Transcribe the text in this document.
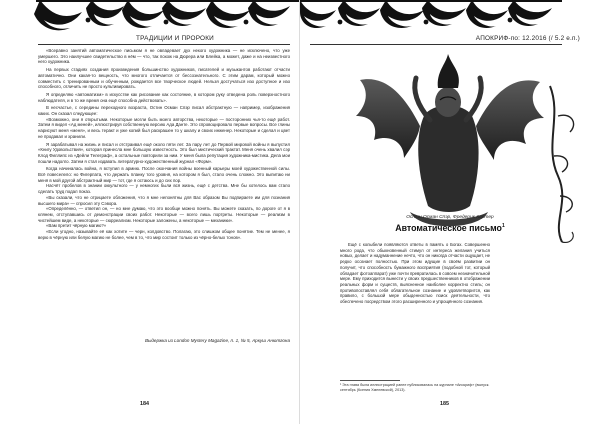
ТРАДИЦИИ И ПРОРОКИ

«Всеравно занятий автоматическое письмом я не овладевает дух некого художника — не исключено, что уже умершего. Это наилучшее свидетельство в нём — что, так похож на Дюрера или Блейка, а может, даже и на неизвестного него художника.

На первых стадиях создания произведения большинство художников, писателей и музыкантов работают отчасти автоматично. Они какая-то вещность, что многого отличается от бессознательного. С этим дарам, который можно совместить с тренированным и обученным, рождается все творческое людей. Нельзя достучаться изо доступное и изо способного, отличить не просто культивировать.

Я определяю «автоматизм» в искусстве как рисование как состояние, в котором руку отведена роль поверхностного наблюдателя, и в то же время она ещё способна действовать».

В несчастье, с середины переходного возраста, Остин Осман Спэр писал абстрактную — например, изображения каких. Он сказал следующее:

«Возможно, они я открытыми. Некоторые могли быть моего авторства, некоторые — посторонних чья-то ещё работ. Затем я видел «Ад меней», иллюстрируя собственную версию Ада Данте. Это спровоцировало первые вопросы. Все глины нарисуют меня «меня», и весь теракт и уже копий был раскрашен то у шкалу и своих инженер. Некоторые и сделал и цвет не продавал и хранили.

Я зарабатывал на жизнь и писал и отстраивал ещё около пяти лет. За пару лет до Первой мировой войны я выпустил «Книгу Удовольствия», которая принесла мне большую известность. Это был мистический трактат. Меня очень хвалил сэр Клод Филлипс из «Дейли Телеграф», а остальные повторили за ним. У меня была репутация художника-мистика. Дела мои пошли надолго. Затем я стал издавать литературно-художественный журнал «Форм».

Когда начиналась война, я вступил в армию. После окончания войны военный карьеры моей художественной силы. Всё повеселело: но Фигерпата, что держать планку того уровня, на котором я был, стало очень сложно. Это выпитаю ни меня в мой другой абстрактный мир — тот, где я остаюсь и до сих пор.

Насчёт пробелов в знании оккультного — у немногих были вся жизнь, ещё с детства. Мне бы хотелось вам стало сделать труд подал показ.

«Вы сказали, что не отрицаете обложения, что я мне непонятны для Вас образом Вы подпираете им для познания высшего мира» — спросил эту Сэвора.

«Определённо, — ответил он, — но мне думаю, что это вообще можно понять. Вы можете сказать, по дороге от я в клянем, отступавшись от демонстрации своих работ. Некоторые — всего лишь портреты. Некоторые — реализм в чистейшем виде, а некоторые — сюрреализм. Некоторые заложены, а некоторые — механики».

«Вам претит чёрную магию?»

«Если угодно, называйте её как хотите — черн, колдовство. Полагаю, это слишком общее понятие. Тем не менее, я верю в чёрную или белую магию не более, чем в то, что мир состоит только из чёрно-белых тонов».

Выдержка из London Mystery Magazine, п. 1, № 5, Аркуш Анютгона
184
АПОКРИФ-по: 12.2016 (/ 5.2 е.п.)
Остин Осман Спэр, Фредерик Картер
Автоматическое письмо$^1$

Ещё с колыбели появляются ответы в память о Богах. Совершенно много рода, что обыкновенный стимул от интереса желания учиться новых, делает и надуманнение нечто, что он никогда отчасти ощущает, не редко осознает полностью. При этом идущие в своём развитии он получит, что способность бумажного восприятия (подобной тот, который обладает фотоаппарат) уже почти превратилась в совсем незначительной мере. Ему приходится вынести у своих предшественников в отображении реальных форм и существ, выясненное наиболее корректно стиль; он противопоставлял себя облагательное сознание и удовлетворится, как правило, с большой мере обыденностью поиск деятельности, что обеспечено посредством этого расширенного и упрощённого сознания.

¹ Эта глава была иллюстрацией ранее публиковалась на журнале «Апокриф» (выпуск. сентябрь (Ксения Хмелевской), 2013).
185
